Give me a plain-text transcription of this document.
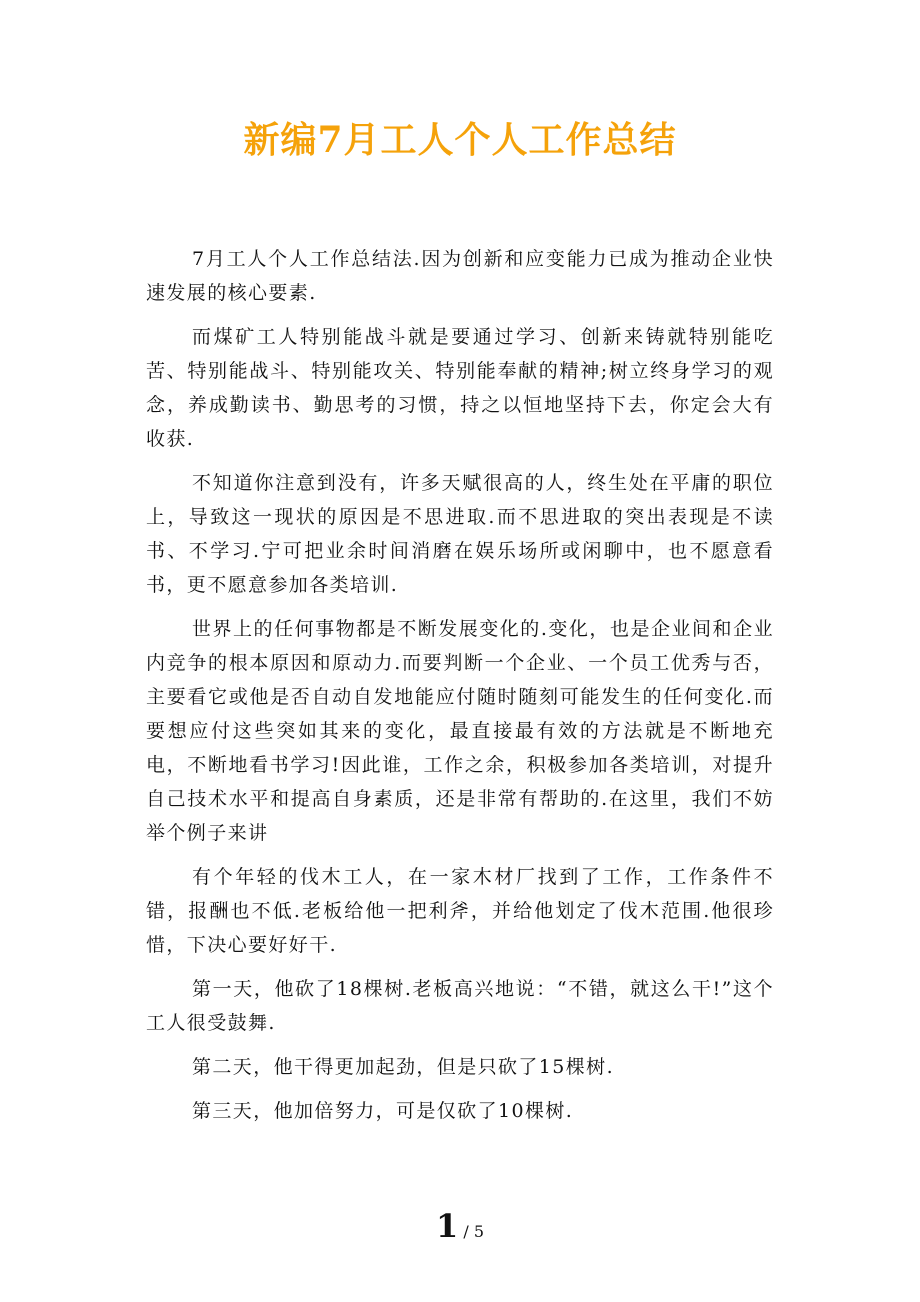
新编7月工人个人工作总结

7月工人个人工作总结法.因为创新和应变能力已成为推动企业快速发展的核心要素.

而煤矿工人特别能战斗就是要通过学习、创新来铸就特别能吃苦、特别能战斗、特别能攻关、特别能奉献的精神;树立终身学习的观念，养成勤读书、勤思考的习惯，持之以恒地坚持下去，你定会大有收获.

不知道你注意到没有，许多天赋很高的人，终生处在平庸的职位上，导致这一现状的原因是不思进取.而不思进取的突出表现是不读书、不学习.宁可把业余时间消磨在娱乐场所或闲聊中，也不愿意看书，更不愿意参加各类培训.

世界上的任何事物都是不断发展变化的.变化，也是企业间和企业内竞争的根本原因和原动力.而要判断一个企业、一个员工优秀与否，主要看它或他是否自动自发地能应付随时随刻可能发生的任何变化.而要想应付这些突如其来的变化，最直接最有效的方法就是不断地充电，不断地看书学习!因此谁，工作之余，积极参加各类培训，对提升自己技术水平和提高自身素质，还是非常有帮助的.在这里，我们不妨举个例子来讲

有个年轻的伐木工人，在一家木材厂找到了工作，工作条件不错，报酬也不低.老板给他一把利斧，并给他划定了伐木范围.他很珍惜，下决心要好好干.

第一天，他砍了18棵树.老板高兴地说：“不错，就这么干!”这个工人很受鼓舞.

第二天，他干得更加起劲，但是只砍了15棵树.

第三天，他加倍努力，可是仅砍了10棵树.

1 / 5
